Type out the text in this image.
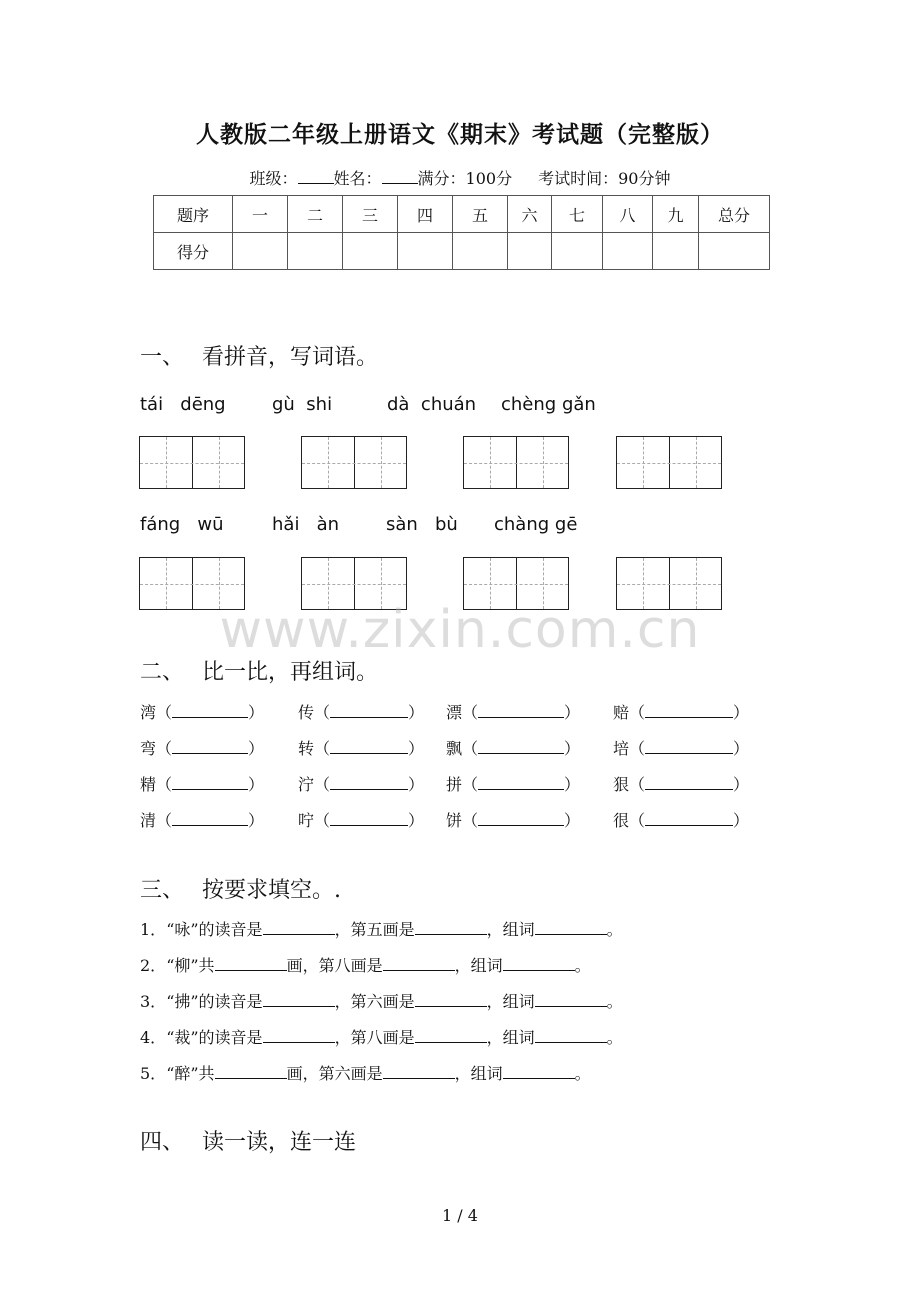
人教版二年级上册语文《期末》考试题（完整版）
班级： 姓名： 满分：100分 考试时间：90分钟
题序	一	二	三	四	五	六	七	八	九	总分
得分										
一、 看拼音，写词语。
tái dēng	gù shi	dà chuán chèng gǎn
fáng wū	hǎi àn	sàn bù chàng gē
www.zixin.com.cn
二、 比一比，再组词。
湾（	） 传（	） 漂（	） 赔（	）
弯（	） 转（	） 飘（	） 培（	）
精（	） 泞（	） 拼（	） 狠（	）
清（	） 咛（	） 饼（	） 很（	）
三、 按要求填空。.
1．“咏”的读音是	，第五画是	，组词	。
2．“柳”共	画，第八画是	，组词	。
3．“拂”的读音是	，第六画是	，组词	。
4．“裁”的读音是	，第八画是	，组词	。
5．“醉”共	画，第六画是	，组词	。
四、 读一读，连一连
1 / 4
